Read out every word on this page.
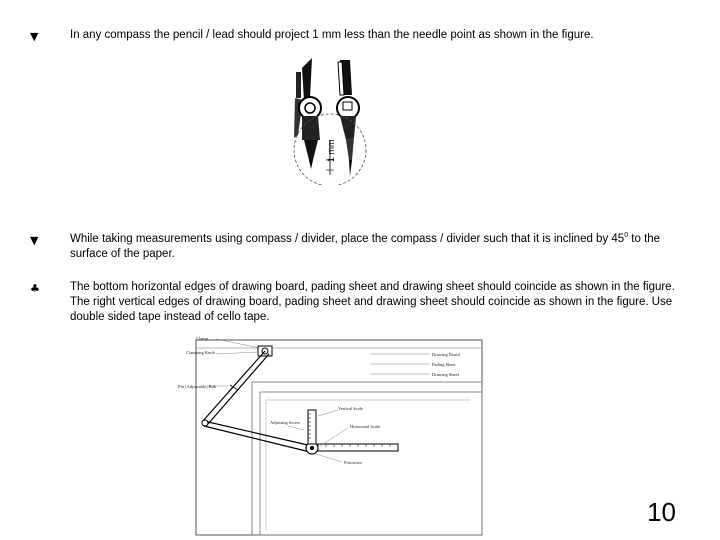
▼	In any compass the pencil / lead should project 1 mm less than the needle point as shown in the figure.
1 mm
▼	While taking measurements using compass / divider, place the compass / divider such that it is inclined by $45^0$ to the surface of the paper.
♣	The bottom horizontal edges of drawing board, pading sheet and drawing sheet should coincide as shown in the figure. The right vertical edges of drawing board, pading sheet and drawing sheet should coincide as shown in the figure. Use double sided tape instead of cello tape.
Clamp
Clamping Knob
Pin (Adjustable) Bolt
Adjusting Screw
Drawing Board
Pading Sheet
Drawing Sheet
Vertical Scale
Horizontal Scale
Protractor
10
